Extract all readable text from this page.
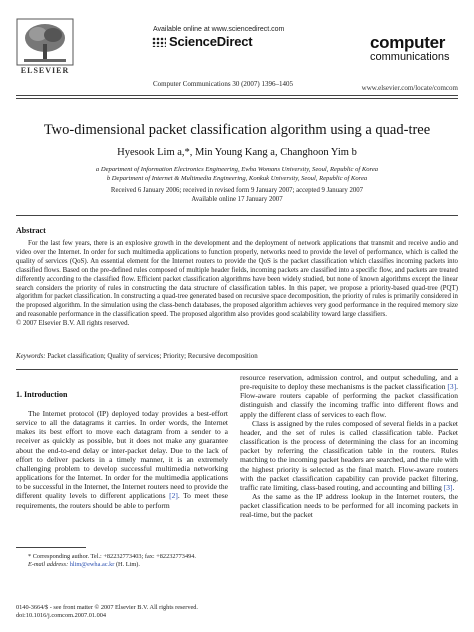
ELSEVIER
Available online at www.sciencedirect.com
ScienceDirect
Computer Communications 30 (2007) 1396–1405
computer
communications
www.elsevier.com/locate/comcom
Two-dimensional packet classification algorithm using a quad-tree
Hyesook Lim a,*, Min Young Kang a, Changhoon Yim b
a Department of Information Electronics Engineering, Ewha Womans University, Seoul, Republic of Korea
b Department of Internet & Multimedia Engineering, Konkuk University, Seoul, Republic of Korea
Received 6 January 2006; received in revised form 9 January 2007; accepted 9 January 2007
Available online 17 January 2007
Abstract

For the last few years, there is an explosive growth in the development and the deployment of network applications that transmit and receive audio and video over the Internet. In order for such multimedia applications to function properly, networks need to provide the level of performance, which is called the quality of services (QoS). An essential element for the Internet routers to provide the QoS is the packet classification which classifies incoming packets into classified flows. Based on the pre-defined rules composed of multiple header fields, incoming packets are classified into a specific flow, and packets are treated differently according to the classified flow. Efficient packet classification algorithms have been widely studied, but none of known algorithms except the linear search considers the priority of rules in constructing the data structure of classification tables. In this paper, we propose a priority-based quad-tree (PQT) algorithm for packet classification. In constructing a quad-tree generated based on recursive space decomposition, the priority of rules is primarily considered in the proposed algorithm. In the simulation using the class-bench databases, the proposed algorithm achieves very good performance in the required memory size and reasonable performance in the classification speed. The proposed algorithm also provides good scalability toward large classifiers.

© 2007 Elsevier B.V. All rights reserved.

Keywords: Packet classification; Quality of services; Priority; Recursive decomposition
1. Introduction

The Internet protocol (IP) deployed today provides a best-effort service to all the datagrams it carries. In order words, the Internet makes its best effort to move each datagram from a sender to a receiver as quickly as possible, but it does not make any guarantee about the end-to-end delay or inter-packet delay. Due to the lack of effort to deliver packets in a timely manner, it is an extremely challenging problem to develop successful multimedia networking applications for the Internet. In order for the multimedia applications to be successful in the Internet, the Internet routers need to provide the different quality levels to different applications [2]. To meet these requirements, the routers should be able to perform

resource reservation, admission control, and output scheduling, and a pre-requisite to deploy these mechanisms is the packet classification [3]. Flow-aware routers capable of performing the packet classification distinguish and classify the incoming traffic into different flows and apply the different class of services to each flow.

Class is assigned by the rules composed of several fields in a packet header, and the set of rules is called classification table. Packet classification is the process of determining the class for an incoming packet by referring the classification table in the routers. Rules matching to the incoming packet headers are searched, and the rule with the highest priority is selected as the final match. Flow-aware routers with the packet classification capability can provide packet filtering, traffic rate limiting, class-based routing, and accounting and billing [3].

As the same as the IP address lookup in the Internet routers, the packet classification needs to be performed for all incoming packets in real-time, but the packet

* Corresponding author. Tel.: +82232773403; fax: +82232773494.
E-mail address: hlim@ewha.ac.kr (H. Lim).
0140-3664/$ - see front matter © 2007 Elsevier B.V. All rights reserved.
doi:10.1016/j.comcom.2007.01.004
